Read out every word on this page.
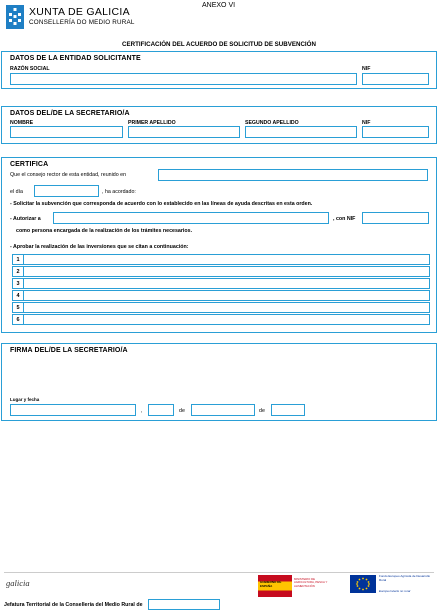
XUNTA DE GALICIA
CONSELLERÍA DO MEDIO RURAL
ANEXO VI
CERTIFICACIÓN DEL ACUERDO DE SOLICITUD DE SUBVENCIÓN
DATOS DE LA ENTIDAD SOLICITANTE
RAZÓN SOCIAL	NIF
DATOS DEL/DE LA SECRETARIO/A
NOMBRE	PRIMER APELLIDO	SEGUNDO APELLIDO	NIF
CERTIFICA
Que el consejo rector de esta entidad, reunido en
el día	, ha acordado:
- Solicitar la subvención que corresponda de acuerdo con lo establecido en las líneas de ayuda descritas en esta orden.
- Autorizar a	, con NIF
como persona encargada de la realización de los trámites necesarios.
- Aprobar la realización de las inversiones que se citan a continuación:
1
2
3
4
5
6
FIRMA DEL/DE LA SECRETARIO/A
Lugar y fecha
,	de	de
galicia	GOBIERNO DE ESPAÑA
MINISTERIO DE AGRICULTURA, PESCA Y ALIMENTACIÓN
Fondo Europeo Agrícola de Desarrollo Rural
Europa invierte no rural
Jefatura Territorial de la Consellería del Medio Rural de
